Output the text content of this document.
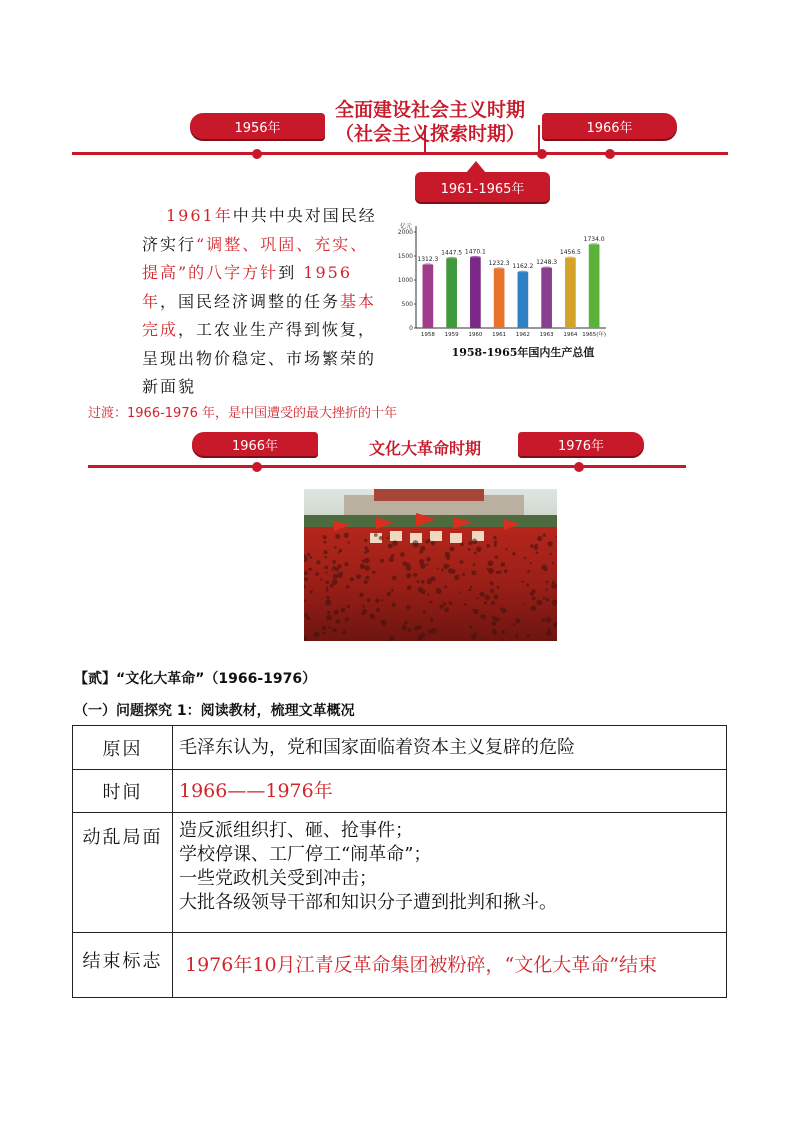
1956年	1966年
全面建设社会主义时期
（社会主义探索时期）
1961-1965年
1961年中共中央对国民经济实行“调整、巩固、充实、提高”的八字方针到 1956年，国民经济调整的任务基本完成，工农业生产得到恢复，呈现出物价稳定、市场繁荣的新面貌
亿元
0
500
1000
1500
2000
1312.3
1958
1447.5
1959
1470.1
1960
1232.3
1961
1162.2
1962
1248.3
1963
1456.5
1964
1734.0
1965(年)
1958-1965年国内生产总值
过渡：1966-1976 年，是中国遭受的最大挫折的十年
1966年	1976年
文化大革命时期
【贰】“文化大革命”（1966-1976）
（一）问题探究 1：阅读教材，梳理文革概况
原因	毛泽东认为，党和国家面临着资本主义复辟的危险
时间	1966——1976年
动乱局面	造反派组织打、砸、抢事件；
学校停课、工厂停工“闹革命”；
一些党政机关受到冲击；
大批各级领导干部和知识分子遭到批判和揪斗。

结束标志	1976年10月江青反革命集团被粉碎，“文化大革命”结束
